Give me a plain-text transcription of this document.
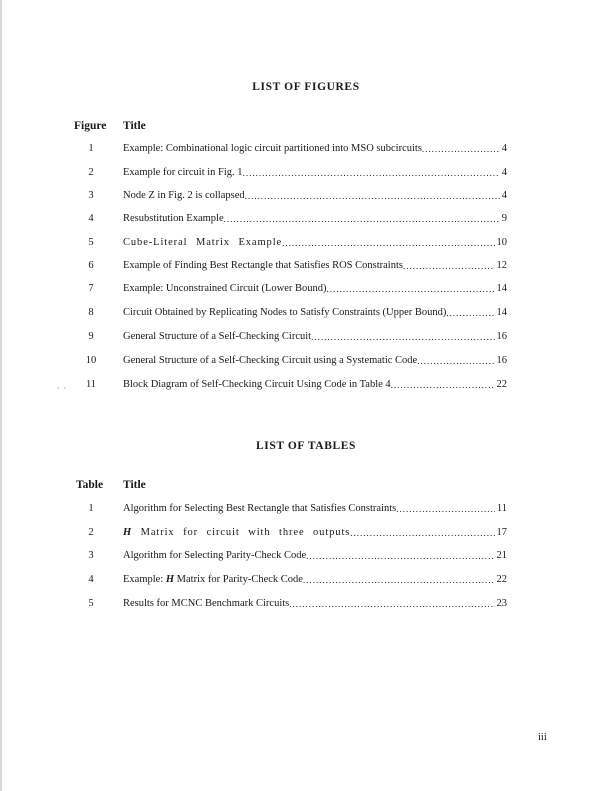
LIST OF FIGURES
Figure Title
1	Example: Combinational logic circuit partitioned into MSO subcircuits .....	4
2	Example for circuit in Fig. 1 .....	4
3	Node Z in Fig. 2 is collapsed .....	4
4	Resubstitution Example .....	9
5	Cube-Literal Matrix Example .....	10
6	Example of Finding Best Rectangle that Satisfies ROS Constraints .....	12
7	Example: Unconstrained Circuit (Lower Bound) .....	14
8	Circuit Obtained by Replicating Nodes to Satisfy Constraints (Upper Bound) .....	14
9	General Structure of a Self-Checking Circuit .....	16
10	General Structure of a Self-Checking Circuit using a Systematic Code .....	16
11	Block Diagram of Self-Checking Circuit Using Code in Table 4 .....	22
·  ·
LIST OF TABLES
Table Title
1	Algorithm for Selecting Best Rectangle that Satisfies Constraints .....	11
2	H Matrix for circuit with three outputs .....	17
3	Algorithm for Selecting Parity-Check Code .....	21
4	Example: H Matrix for Parity-Check Code .....	22
5	Results for MCNC Benchmark Circuits .....	23
iii
